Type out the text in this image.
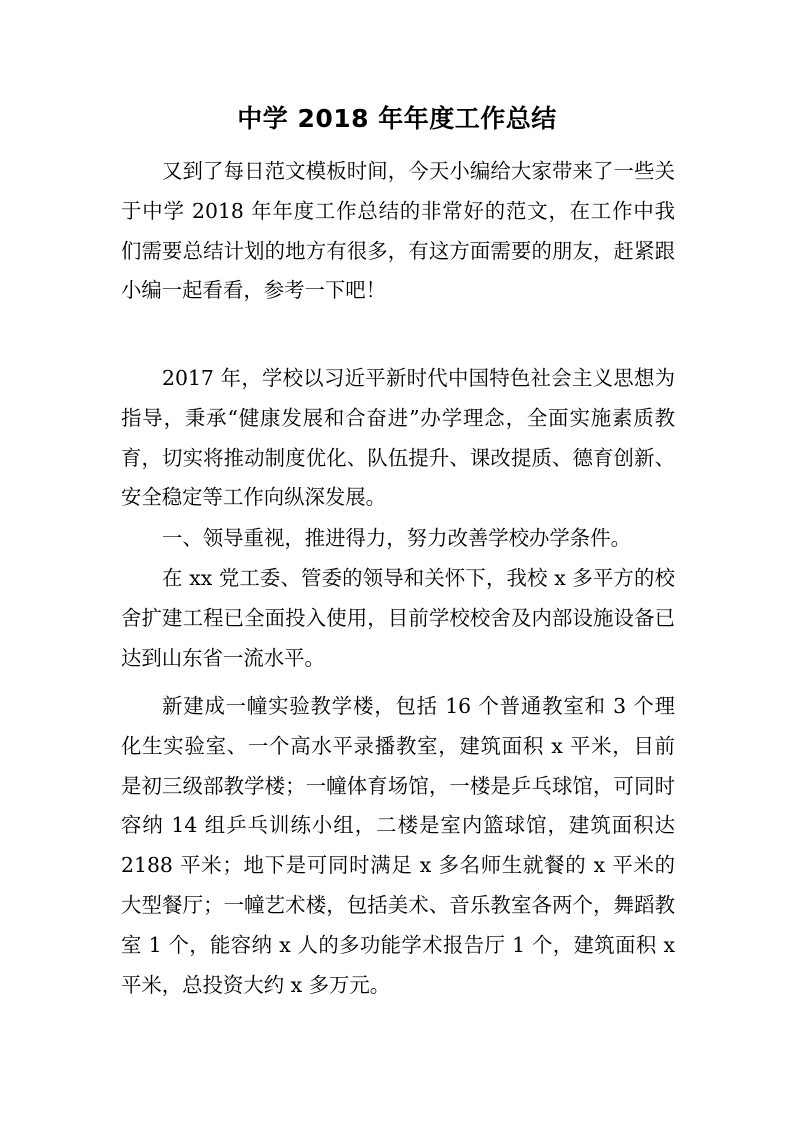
中学 2018 年年度工作总结

又到了每日范文模板时间，今天小编给大家带来了一些关于中学 2018 年年度工作总结的非常好的范文，在工作中我们需要总结计划的地方有很多，有这方面需要的朋友，赶紧跟小编一起看看，参考一下吧！

2017 年，学校以习近平新时代中国特色社会主义思想为指导，秉承“健康发展和合奋进”办学理念，全面实施素质教育，切实将推动制度优化、队伍提升、课改提质、德育创新、安全稳定等工作向纵深发展。

一、领导重视，推进得力，努力改善学校办学条件。

在 xx 党工委、管委的领导和关怀下，我校 x 多平方的校舍扩建工程已全面投入使用，目前学校校舍及内部设施设备已达到山东省一流水平。

新建成一幢实验教学楼，包括 16 个普通教室和 3 个理化生实验室、一个高水平录播教室，建筑面积 x 平米，目前是初三级部教学楼；一幢体育场馆，一楼是乒乓球馆，可同时容纳 14 组乒乓训练小组，二楼是室内篮球馆，建筑面积达 2188 平米；地下是可同时满足 x 多名师生就餐的 x 平米的大型餐厅；一幢艺术楼，包括美术、音乐教室各两个，舞蹈教室 1 个，能容纳 x 人的多功能学术报告厅 1 个，建筑面积 x 平米，总投资大约 x 多万元。
